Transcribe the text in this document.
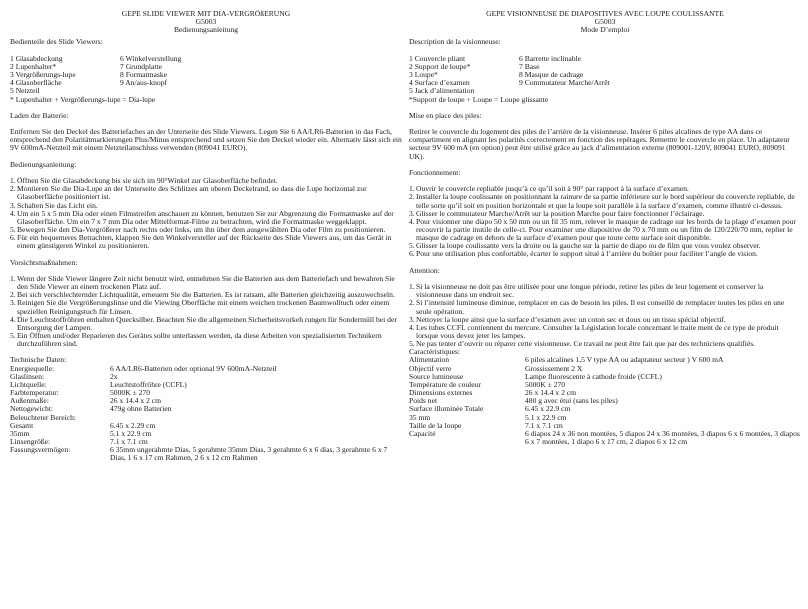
GEPE SLIDE VIEWER MIT DIA-VERGRÖßERUNG
G5003
Bedienungsanleitung
Bedienteile des Slide Viewers:
1 Glasabdeckung
2 Lupenhalter*
3 Vergrößerungs-lupe
4 Glasoberfläche
5 Netzteil
6 Winkelverstellung
7 Grundplatte
8 Formatmaske
9 An/aus-knopf
* Lupenhalter + Vergrößerungs-lupe = Dia-lupe
Laden der Batterie:
Entfernen Sie den Deckel des Batteriefaches an der Unterseite des Slide Viewers. Legen Sie 6 AA/LR6-Batterien in das Fach, entsprechend den Polaritätmarkierungen Plus/Minus entsprechend und setzen Sie den Deckel wieder ein. Alternativ lässt sich ein 9V 600mA-Netzteil mit einem Netzteilanschluss verwenden (809041 EURO).
Bedienungsanleitung:
1. Öffnen Sie die Glasabdeckung bis sie sich im 90°Winkel zur Glasoberfläche befindet.
2. Montieren Sie die Dia-Lupe an der Unterseite des Schlitzes am oberen Deckelrand, so dass die Lupe horizontal zur Glasoberfläche positioniert ist.
3. Schalten Sie das Licht ein.
4. Um ein 5 x 5 mm Dia oder einen Filmstreifen anschauen zu können, benutzen Sie zur Abgrenzung die Formatmaske auf der Glasoberfläche. Um ein 7 x 7 mm Dia oder Mittelformat-Filme zu betrachten, wird die Formatmaske weggeklappt.
5. Bewegen Sie den Dia-Vergrößerer nach rechts oder links, um ihn über dem ausgewählten Dia oder Film zu positionieren.
6. Für ein bequemeres Betrachten, klappen Sie den Winkelversteller auf der Rückseite des Slide Viewers aus, um das Gerät in einem günstigeren Winkel zu positionieren.
Vorsichtsmaßnahmen:
1. Wenn der Slide Viewer längere Zeit nicht benutzt wird, entnehmen Sie die Batterien aus dem Batteriefach und bewahren Sie den Slide Viewer an einem trockenen Platz auf.
2. Bei sich verschlechternder Lichtqualität, erneuern Sie die Batterien. Es ist ratsam, alle Batterien gleichzeitig auszuwechseln.
3. Reinigen Sie die Vergrößerungslinse und die Viewing Oberfläche mit einem weichen trockenen Baumwolltuch oder einem speziellen Reinigungstuch für Linsen.
4. Die Leuchtstoffröhren enthalten Quecksilber. Beachten Sie die allgemeinen Sicherheitsvorkeh rungen für Sondermüll bei der Entsorgung der Lampen.
5. Ein Öffnen und/oder Reparieren des Gerätes sollte unterlassen werden, da diese Arbeiten von spezialisierten Technikern durchzuführen sind.
Technische Daten:
Energiequelle:	6 AA/LR6-Batterien oder optional 9V 600mA-Netzteil
Glaslinsen:	2x
Lichtquelle:	Leuchtstoffröhre (CCFL)
Farbtemperatur:	5000K ± 270
Außenmaße:	26 x 14.4 x 2 cm
Nettogewicht:	479g ohne Batterien
Beleuchteter Bereich:
Gesamt	6.45 x 2.29 cm
35mm	5.1 x 22.9 cm
Linsengröße:	7.1 x 7.1 cm
Fassungsvermögen:	6 35mm ungerahmte Dias, 5 gerahmte 35mm Dias, 3 gerahmte 6 x 6 dias, 3 gerahmte 6 x 7 Dias, 1 6 x 17 cm Rahmen, 2 6 x 12 cm Rahmen
GEPE VISIONNEUSE DE DIAPOSITIVES AVEC LOUPE COULISSANTE
G5003
Mode D’emploi
Description de la visionneuse:
1 Couvercle pliant
2 Support de loupe*
3 Loupe*
4 Surface d’examen
5 Jack d’alimentation
6 Barrette inclinable
7 Base
8 Masque de cadrage
9 Commutateur Marche/Arrêt
*Support de loupe + Loupe = Loupe glissante
Mise en place des piles:
Retirer le couvercle du logement des piles de l’arrière de la visionneuse. Insérer 6 piles alcalines de type AA dans ce compartiment en alignant les polarités correctement en fonction des repérages. Remettre le couvercle en place. Un adaptateur secteur 9V 600 mA (en option) peut être utilisé grâce au jack d’alimentation externe (809001-120V, 809041 EURO, 809091 UK).
Fonctionnement:
1. Ouvrir le couvercle repliable jusqu’à ce qu’il soit à 90° par rapport à la surface d’examen.
2. Installer la loupe coulissante en positionnant la rainure de sa partie inférieure sur le bord supérieur du couvercle repliable, de telle sorte qu’il soit en position horizontale et que la loupe soit parallèle à la surface d’examen, comme illustré ci-dessus.
3. Glisser le commutateur Marche/Arrêt sur la position Marche pour faire fonctionner l’éclairage.
4. Pour visionner une diapo 50 x 50 mm ou un fil 35 mm, relever le masque de cadrage sur les bords de la plage d’examen pour recouvrir la partie inutile de celle-ci. Pour examiner une diapositive de 70 x 70 mm ou un film de 120/220/70 mm, replier le masque de cadrage en dehors de la surface d’examen pour que toute cette surface soit disponible.
5. Glisser la loupe coulissante vers la droite ou la gauche sur la partie de diapo ou de film que vous voulez observer.
6. Pour une utilisation plus confortable, écarter le support situé à l’arrière du boîtier pour faciliter l’angle de vision.
Attention:
1. Si la visionneuse ne doit pas être utilisée pour une longue période, retirer les piles de leur logement et conserver la visionneuse dans un endroit sec.
2. Si l’intensité lumineuse diminue, remplacer en cas de besoin les piles. Il est conseillé de remplacer toutes les piles en une seule opération.
3. Nettoyer la loupe ainsi que la surface d’examen avec un coton sec et doux ou un tissu spécial objectif.
4. Les tubes CCFL contiennent du mercure. Consulter la Législation locale concernant le traite ment de ce type de produit lorsque vous devez jeter les lampes.
5. Ne pas tenter d’ouvrir ou réparer cette visionneuse. Ce travail ne peut être fait que par des techniciens qualifiés.
Caractéristiques:
Alimentation	6 piles alcalines 1,5 V type AA ou adaptateur secteur ) V 600 mA
Objectif verre	Grossissement 2 X
Source lumineuse	Lampe fluorescente à cathode froide (CCFL)
Température de couleur	5000K ± 270
Dimensions externes	26 x 14.4 x 2 cm
Poids net	480 g avec étui (sans les piles)
Surface illuminée Totale	6.45 x 22.9 cm
35 mm	5.1 x 22.9 cm
Taille de la loupe	7.1 x 7.1 cm
Capacité	6 diapos 24 x 36 non montées, 5 diapos 24 x 36 montées, 3 diapos 6 x 6 montées, 3 diapos 6 x 7 montées, 1 diapo 6 x 17 cm, 2 diapos 6 x 12 cm
